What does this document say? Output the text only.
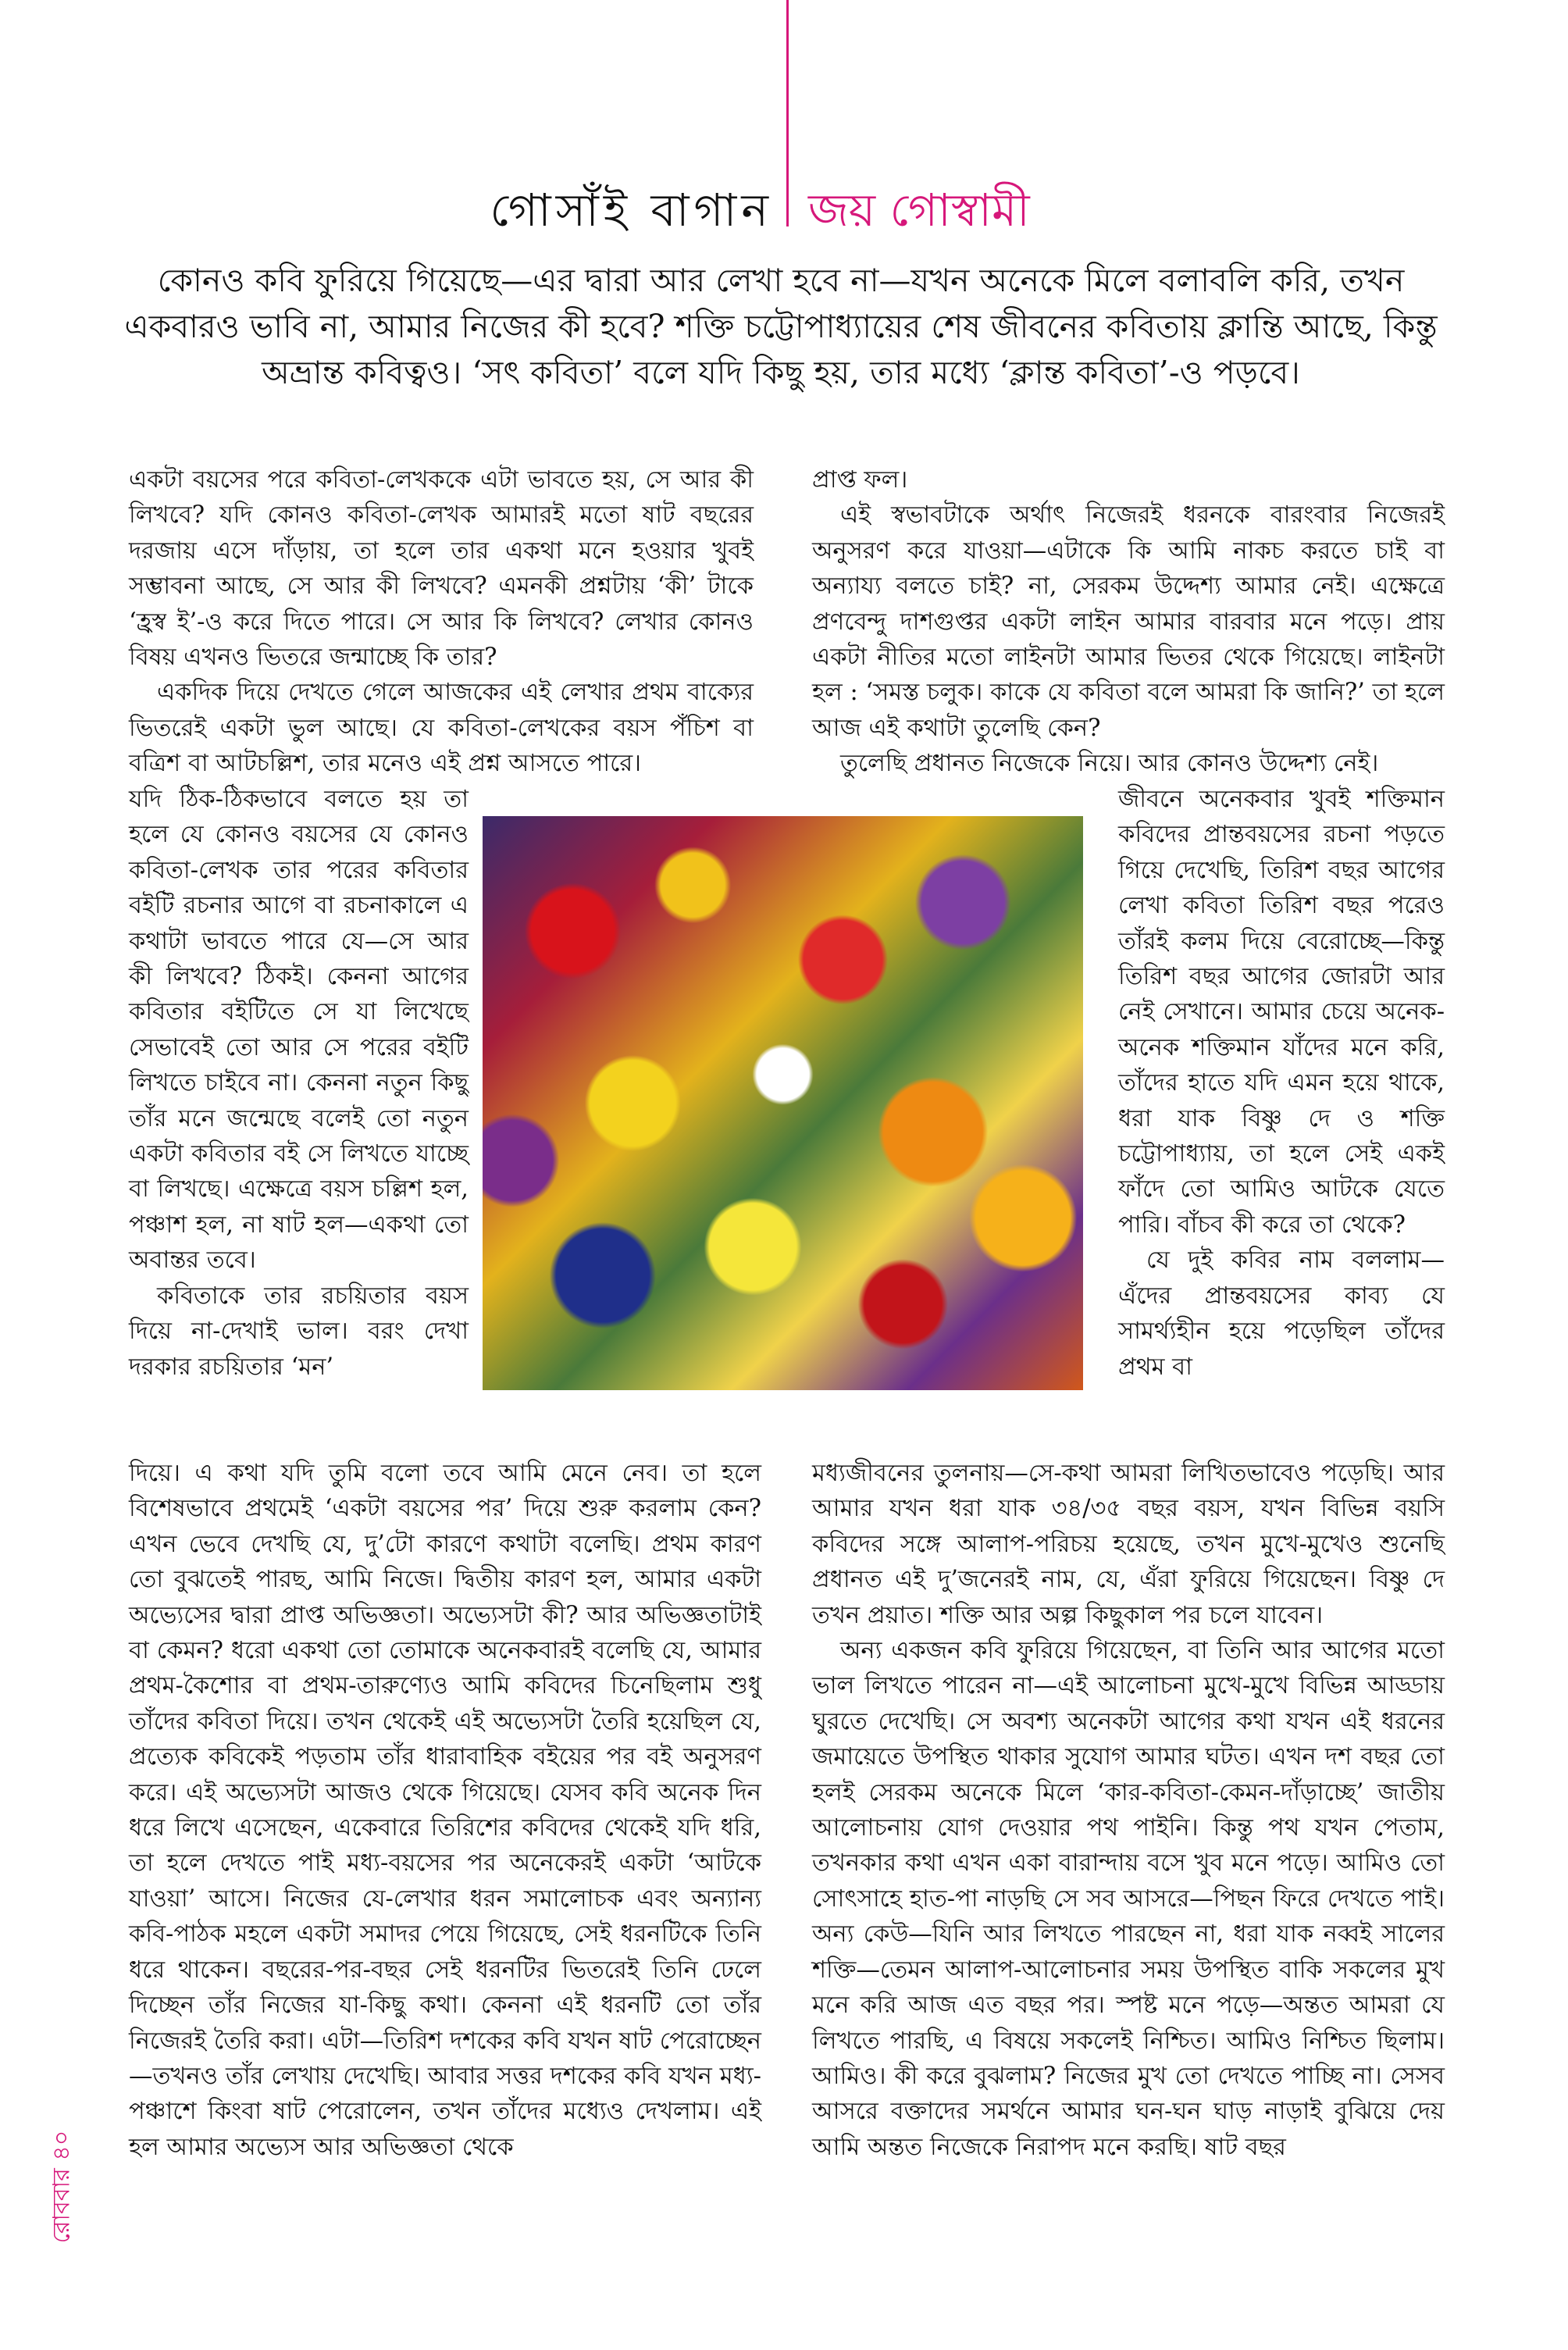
গোসাঁই বাগান জয় গোস্বামী
কোনও কবি ফুরিয়ে গিয়েছে—এর দ্বারা আর লেখা হবে না—যখন অনেকে মিলে বলাবলি করি, তখন একবারও ভাবি না, আমার নিজের কী হবে? শক্তি চট্টোপাধ্যায়ের শেষ জীবনের কবিতায় ক্লান্তি আছে, কিন্তু অভ্রান্ত কবিত্বও। ‘সৎ কবিতা’ বলে যদি কিছু হয়, তার মধ্যে ‘ক্লান্ত কবিতা’-ও পড়বে।

একটা বয়সের পরে কবিতা-লেখককে এটা ভাবতে হয়, সে আর কী লিখবে? যদি কোনও কবিতা-লেখক আমারই মতো ষাট বছরের দরজায় এসে দাঁড়ায়, তা হলে তার একথা মনে হওয়ার খুবই সম্ভাবনা আছে, সে আর কী লিখবে? এমনকী প্রশ্নটায় ‘কী’ টাকে ‘হ্রস্ব ই’-ও করে দিতে পারে। সে আর কি লিখবে? লেখার কোনও বিষয় এখনও ভিতরে জন্মাচ্ছে কি তার?

একদিক দিয়ে দেখতে গেলে আজকের এই লেখার প্রথম বাক্যের ভিতরেই একটা ভুল আছে। যে কবিতা-লেখকের বয়স পঁচিশ বা বত্রিশ বা আটচল্লিশ, তার মনেও এই প্রশ্ন আসতে পারে।

যদি ঠিক-ঠিকভাবে বলতে হয় তা হলে যে কোনও বয়সের যে কোনও কবিতা-লেখক তার পরের কবিতার বইটি রচনার আগে বা রচনাকালে এ কথাটা ভাবতে পারে যে—সে আর কী লিখবে? ঠিকই। কেননা আগের কবিতার বইটিতে সে যা লিখেছে সেভাবেই তো আর সে পরের বইটি লিখতে চাইবে না। কেননা নতুন কিছু তাঁর মনে জন্মেছে বলেই তো নতুন একটা কবিতার বই সে লিখতে যাচ্ছে বা লিখছে। এক্ষেত্রে বয়স চল্লিশ হল, পঞ্চাশ হল, না ষাট হল—একথা তো অবান্তর তবে।

কবিতাকে তার রচয়িতার বয়স দিয়ে না-দেখাই ভাল। বরং দেখা দরকার রচয়িতার ‘মন’

দিয়ে। এ কথা যদি তুমি বলো তবে আমি মেনে নেব। তা হলে বিশেষভাবে প্রথমেই ‘একটা বয়সের পর’ দিয়ে শুরু করলাম কেন? এখন ভেবে দেখছি যে, দু’টো কারণে কথাটা বলেছি। প্রথম কারণ তো বুঝতেই পারছ, আমি নিজে। দ্বিতীয় কারণ হল, আমার একটা অভ্যেসের দ্বারা প্রাপ্ত অভিজ্ঞতা। অভ্যেসটা কী? আর অভিজ্ঞতাটাই বা কেমন? ধরো একথা তো তোমাকে অনেকবারই বলেছি যে, আমার প্রথম-কৈশোর বা প্রথম-তারুণ্যেও আমি কবিদের চিনেছিলাম শুধু তাঁদের কবিতা দিয়ে। তখন থেকেই এই অভ্যেসটা তৈরি হয়েছিল যে, প্রত্যেক কবিকেই পড়তাম তাঁর ধারাবাহিক বইয়ের পর বই অনুসরণ করে। এই অভ্যেসটা আজও থেকে গিয়েছে। যেসব কবি অনেক দিন ধরে লিখে এসেছেন, একেবারে তিরিশের কবিদের থেকেই যদি ধরি, তা হলে দেখতে পাই মধ্য-বয়সের পর অনেকেরই একটা ‘আটকে যাওয়া’ আসে। নিজের যে-লেখার ধরন সমালোচক এবং অন্যান্য কবি-পাঠক মহলে একটা সমাদর পেয়ে গিয়েছে, সেই ধরনটিকে তিনি ধরে থাকেন। বছরের-পর-বছর সেই ধরনটির ভিতরেই তিনি ঢেলে দিচ্ছেন তাঁর নিজের যা-কিছু কথা। কেননা এই ধরনটি তো তাঁর নিজেরই তৈরি করা। এটা—তিরিশ দশকের কবি যখন ষাট পেরোচ্ছেন—তখনও তাঁর লেখায় দেখেছি। আবার সত্তর দশকের কবি যখন মধ্য-পঞ্চাশে কিংবা ষাট পেরোলেন, তখন তাঁদের মধ্যেও দেখলাম। এই হল আমার অভ্যেস আর অভিজ্ঞতা থেকে

প্রাপ্ত ফল।

এই স্বভাবটাকে অর্থাৎ নিজেরই ধরনকে বারংবার নিজেরই অনুসরণ করে যাওয়া—এটাকে কি আমি নাকচ করতে চাই বা অন্যায্য বলতে চাই? না, সেরকম উদ্দেশ্য আমার নেই। এক্ষেত্রে প্রণবেন্দু দাশগুপ্তর একটা লাইন আমার বারবার মনে পড়ে। প্রায় একটা নীতির মতো লাইনটা আমার ভিতর থেকে গিয়েছে। লাইনটা হল : ‘সমস্ত চলুক। কাকে যে কবিতা বলে আমরা কি জানি?’ তা হলে আজ এই কথাটা তুলেছি কেন?

তুলেছি প্রধানত নিজেকে নিয়ে। আর কোনও উদ্দেশ্য নেই।

জীবনে অনেকবার খুবই শক্তিমান কবিদের প্রান্তবয়সের রচনা পড়তে গিয়ে দেখেছি, তিরিশ বছর আগের লেখা কবিতা তিরিশ বছর পরেও তাঁরই কলম দিয়ে বেরোচ্ছে—কিন্তু তিরিশ বছর আগের জোরটা আর নেই সেখানে। আমার চেয়ে অনেক-অনেক শক্তিমান যাঁদের মনে করি, তাঁদের হাতে যদি এমন হয়ে থাকে, ধরা যাক বিষ্ণু দে ও শক্তি চট্টোপাধ্যায়, তা হলে সেই একই ফাঁদে তো আমিও আটকে যেতে পারি। বাঁচব কী করে তা থেকে?

যে দুই কবির নাম বললাম—এঁদের প্রান্তবয়সের কাব্য যে সামর্থ্যহীন হয়ে পড়েছিল তাঁদের প্রথম বা

মধ্যজীবনের তুলনায়—সে-কথা আমরা লিখিতভাবেও পড়েছি। আর আমার যখন ধরা যাক ৩৪/৩৫ বছর বয়স, যখন বিভিন্ন বয়সি কবিদের সঙ্গে আলাপ-পরিচয় হয়েছে, তখন মুখে-মুখেও শুনেছি প্রধানত এই দু’জনেরই নাম, যে, এঁরা ফুরিয়ে গিয়েছেন। বিষ্ণু দে তখন প্রয়াত। শক্তি আর অল্প কিছুকাল পর চলে যাবেন।

অন্য একজন কবি ফুরিয়ে গিয়েছেন, বা তিনি আর আগের মতো ভাল লিখতে পারেন না—এই আলোচনা মুখে-মুখে বিভিন্ন আড্ডায় ঘুরতে দেখেছি। সে অবশ্য অনেকটা আগের কথা যখন এই ধরনের জমায়েতে উপস্থিত থাকার সুযোগ আমার ঘটত। এখন দশ বছর তো হলই সেরকম অনেকে মিলে ‘কার-কবিতা-কেমন-দাঁড়াচ্ছে’ জাতীয় আলোচনায় যোগ দেওয়ার পথ পাইনি। কিন্তু পথ যখন পেতাম, তখনকার কথা এখন একা বারান্দায় বসে খুব মনে পড়ে। আমিও তো সোৎসাহে হাত-পা নাড়ছি সে সব আসরে—পিছন ফিরে দেখতে পাই। অন্য কেউ—যিনি আর লিখতে পারছেন না, ধরা যাক নব্বই সালের শক্তি—তেমন আলাপ-আলোচনার সময় উপস্থিত বাকি সকলের মুখ মনে করি আজ এত বছর পর। স্পষ্ট মনে পড়ে—অন্তত আমরা যে লিখতে পারছি, এ বিষয়ে সকলেই নিশ্চিত। আমিও নিশ্চিত ছিলাম। আমিও। কী করে বুঝলাম? নিজের মুখ তো দেখতে পাচ্ছি না। সেসব আসরে বক্তাদের সমর্থনে আমার ঘন-ঘন ঘাড় নাড়াই বুঝিয়ে দেয় আমি অন্তত নিজেকে নিরাপদ মনে করছি। ষাট বছর

রোববার ৪০
